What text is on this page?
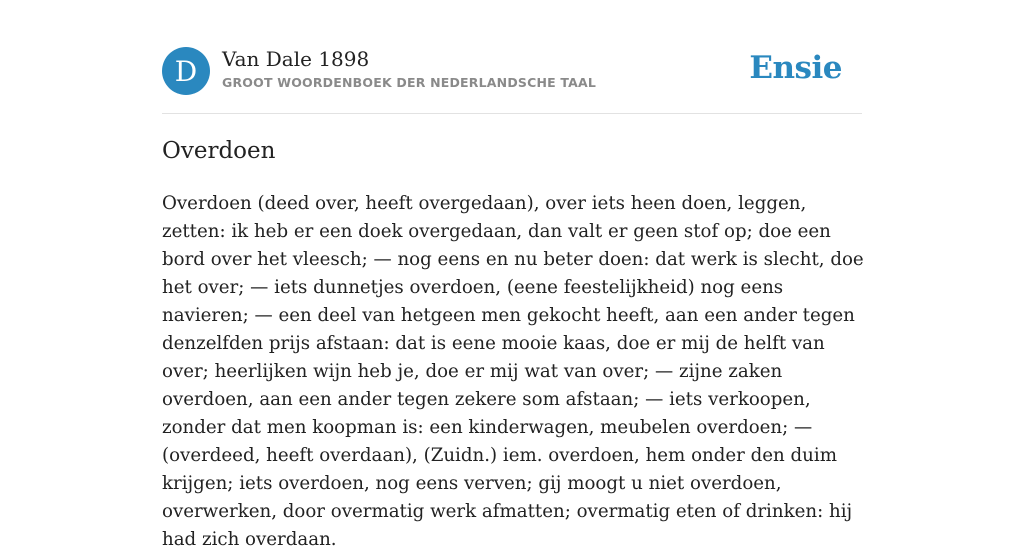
D	Van Dale 1898
GROOT WOORDENBOEK DER NEDERLANDSCHE TAAL	Ensie
Overdoen

Overdoen (deed over, heeft overgedaan), over iets heen doen, leggen, zetten: ik heb er een doek overgedaan, dan valt er geen stof op; doe een bord over het vleesch; — nog eens en nu beter doen: dat werk is slecht, doe het over; — iets dunnetjes overdoen, (eene feestelijkheid) nog eens navieren; — een deel van hetgeen men gekocht heeft, aan een ander tegen denzelfden prijs afstaan: dat is eene mooie kaas, doe er mij de helft van over; heerlijken wijn heb je, doe er mij wat van over; — zijne zaken overdoen, aan een ander tegen zekere som afstaan; — iets verkoopen, zonder dat men koopman is: een kinderwagen, meubelen overdoen; — (overdeed, heeft overdaan), (Zuidn.) iem. overdoen, hem onder den duim krijgen; iets overdoen, nog eens verven; gij moogt u niet overdoen, overwerken, door overmatig werk afmatten; overmatig eten of drinken: hij had zich overdaan.
